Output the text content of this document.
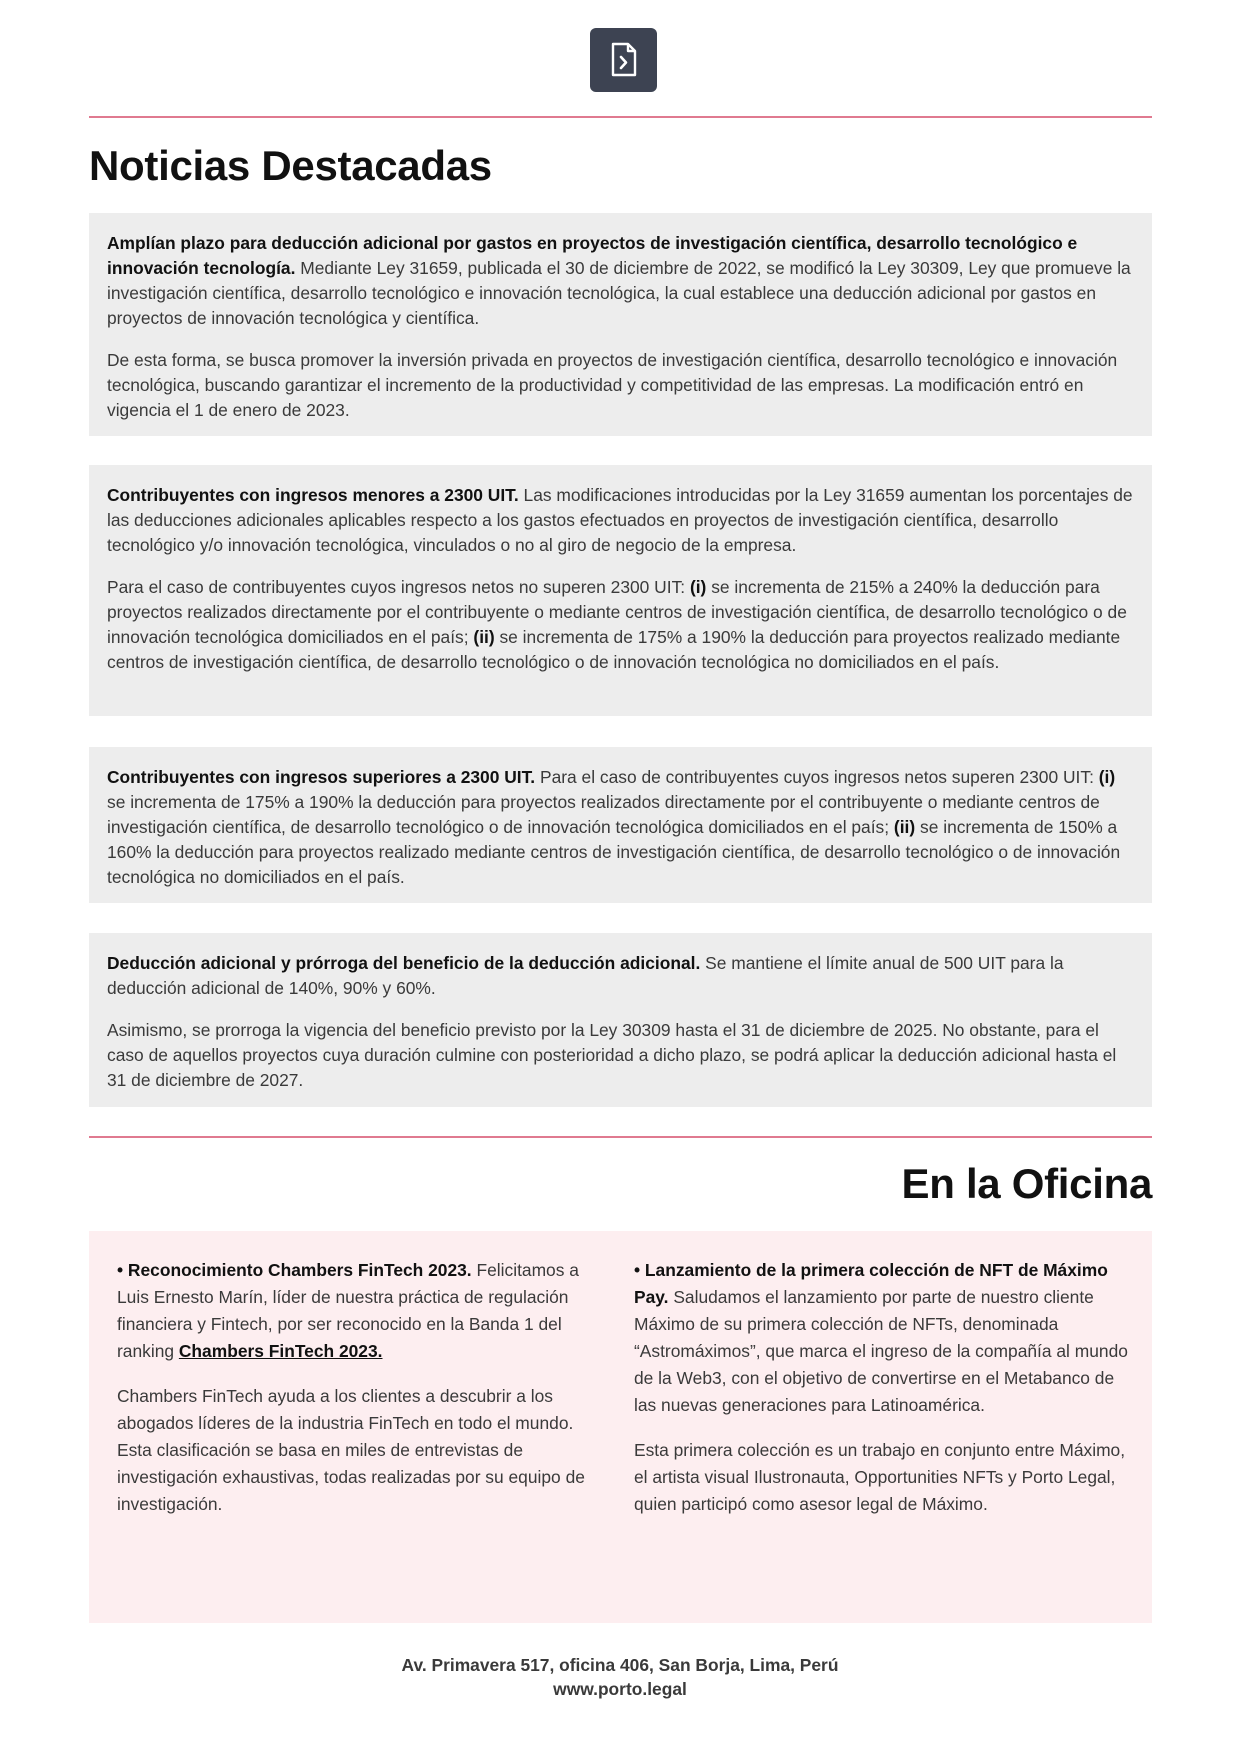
Noticias Destacadas

Amplían plazo para deducción adicional por gastos en proyectos de investigación científica, desarrollo tecnológico e innovación tecnología. Mediante Ley 31659, publicada el 30 de diciembre de 2022, se modificó la Ley 30309, Ley que promueve la investigación científica, desarrollo tecnológico e innovación tecnológica, la cual establece una deducción adicional por gastos en proyectos de innovación tecnológica y científica.

De esta forma, se busca promover la inversión privada en proyectos de investigación científica, desarrollo tecnológico e innovación tecnológica, buscando garantizar el incremento de la productividad y competitividad de las empresas. La modificación entró en vigencia el 1 de enero de 2023.

Contribuyentes con ingresos menores a 2300 UIT. Las modificaciones introducidas por la Ley 31659 aumentan los porcentajes de las deducciones adicionales aplicables respecto a los gastos efectuados en proyectos de investigación científica, desarrollo tecnológico y/o innovación tecnológica, vinculados o no al giro de negocio de la empresa.

Para el caso de contribuyentes cuyos ingresos netos no superen 2300 UIT: (i) se incrementa de 215% a 240% la deducción para proyectos realizados directamente por el contribuyente o mediante centros de investigación científica, de desarrollo tecnológico o de innovación tecnológica domiciliados en el país; (ii) se incrementa de 175% a 190% la deducción para proyectos realizado mediante centros de investigación científica, de desarrollo tecnológico o de innovación tecnológica no domiciliados en el país.

Contribuyentes con ingresos superiores a 2300 UIT. Para el caso de contribuyentes cuyos ingresos netos superen 2300 UIT: (i) se incrementa de 175% a 190% la deducción para proyectos realizados directamente por el contribuyente o mediante centros de investigación científica, de desarrollo tecnológico o de innovación tecnológica domiciliados en el país; (ii) se incrementa de 150% a 160% la deducción para proyectos realizado mediante centros de investigación científica, de desarrollo tecnológico o de innovación tecnológica no domiciliados en el país.

Deducción adicional y prórroga del beneficio de la deducción adicional. Se mantiene el límite anual de 500 UIT para la deducción adicional de 140%, 90% y 60%.

Asimismo, se prorroga la vigencia del beneficio previsto por la Ley 30309 hasta el 31 de diciembre de 2025. No obstante, para el caso de aquellos proyectos cuya duración culmine con posterioridad a dicho plazo, se podrá aplicar la deducción adicional hasta el 31 de diciembre de 2027.

En la Oficina

• Reconocimiento Chambers FinTech 2023. Felicitamos a Luis Ernesto Marín, líder de nuestra práctica de regulación financiera y Fintech, por ser reconocido en la Banda 1 del ranking Chambers FinTech 2023.

Chambers FinTech ayuda a los clientes a descubrir a los abogados líderes de la industria FinTech en todo el mundo. Esta clasificación se basa en miles de entrevistas de investigación exhaustivas, todas realizadas por su equipo de investigación.

• Lanzamiento de la primera colección de NFT de Máximo Pay. Saludamos el lanzamiento por parte de nuestro cliente Máximo de su primera colección de NFTs, denominada “Astromáximos”, que marca el ingreso de la compañía al mundo de la Web3, con el objetivo de convertirse en el Metabanco de las nuevas generaciones para Latinoamérica.

Esta primera colección es un trabajo en conjunto entre Máximo, el artista visual Ilustronauta, Opportunities NFTs y Porto Legal, quien participó como asesor legal de Máximo.

Av. Primavera 517, oficina 406, San Borja, Lima, Perú
www.porto.legal
